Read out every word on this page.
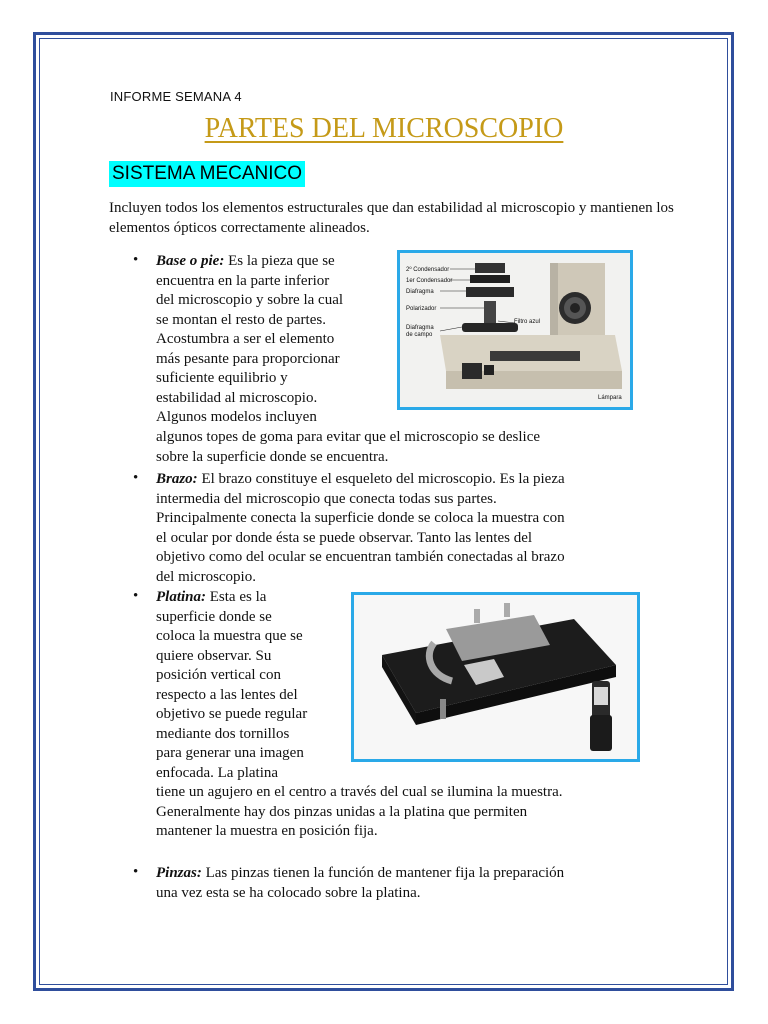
INFORME SEMANA 4
PARTES DEL MICROSCOPIO
SISTEMA MECANICO
Incluyen todos los elementos estructurales que dan estabilidad al microscopio y mantienen los elementos ópticos correctamente alineados.
• Base o pie: Es la pieza que se
encuentra en la parte inferior
del microscopio y sobre la cual
se montan el resto de partes.
Acostumbra a ser el elemento
más pesante para proporcionar
suficiente equilibrio y
estabilidad al microscopio.
Algunos modelos incluyen
algunos topes de goma para evitar que el microscopio se deslice
sobre la superficie donde se encuentra.
2º Condensador
1er Condensador
Diafragma
Polarizador
Filtro azul
Diafragma
de campo
Lámpara
• Brazo: El brazo constituye el esqueleto del microscopio. Es la pieza
intermedia del microscopio que conecta todas sus partes.
Principalmente conecta la superficie donde se coloca la muestra con
el ocular por donde ésta se puede observar. Tanto las lentes del
objetivo como del ocular se encuentran también conectadas al brazo
del microscopio.
• Platina: Esta es la
superficie donde se
coloca la muestra que se
quiere observar. Su
posición vertical con
respecto a las lentes del
objetivo se puede regular
mediante dos tornillos
para generar una imagen
enfocada. La platina
tiene un agujero en el centro a través del cual se ilumina la muestra.
Generalmente hay dos pinzas unidas a la platina que permiten
mantener la muestra en posición fija.
• Pinzas: Las pinzas tienen la función de mantener fija la preparación
una vez esta se ha colocado sobre la platina.
